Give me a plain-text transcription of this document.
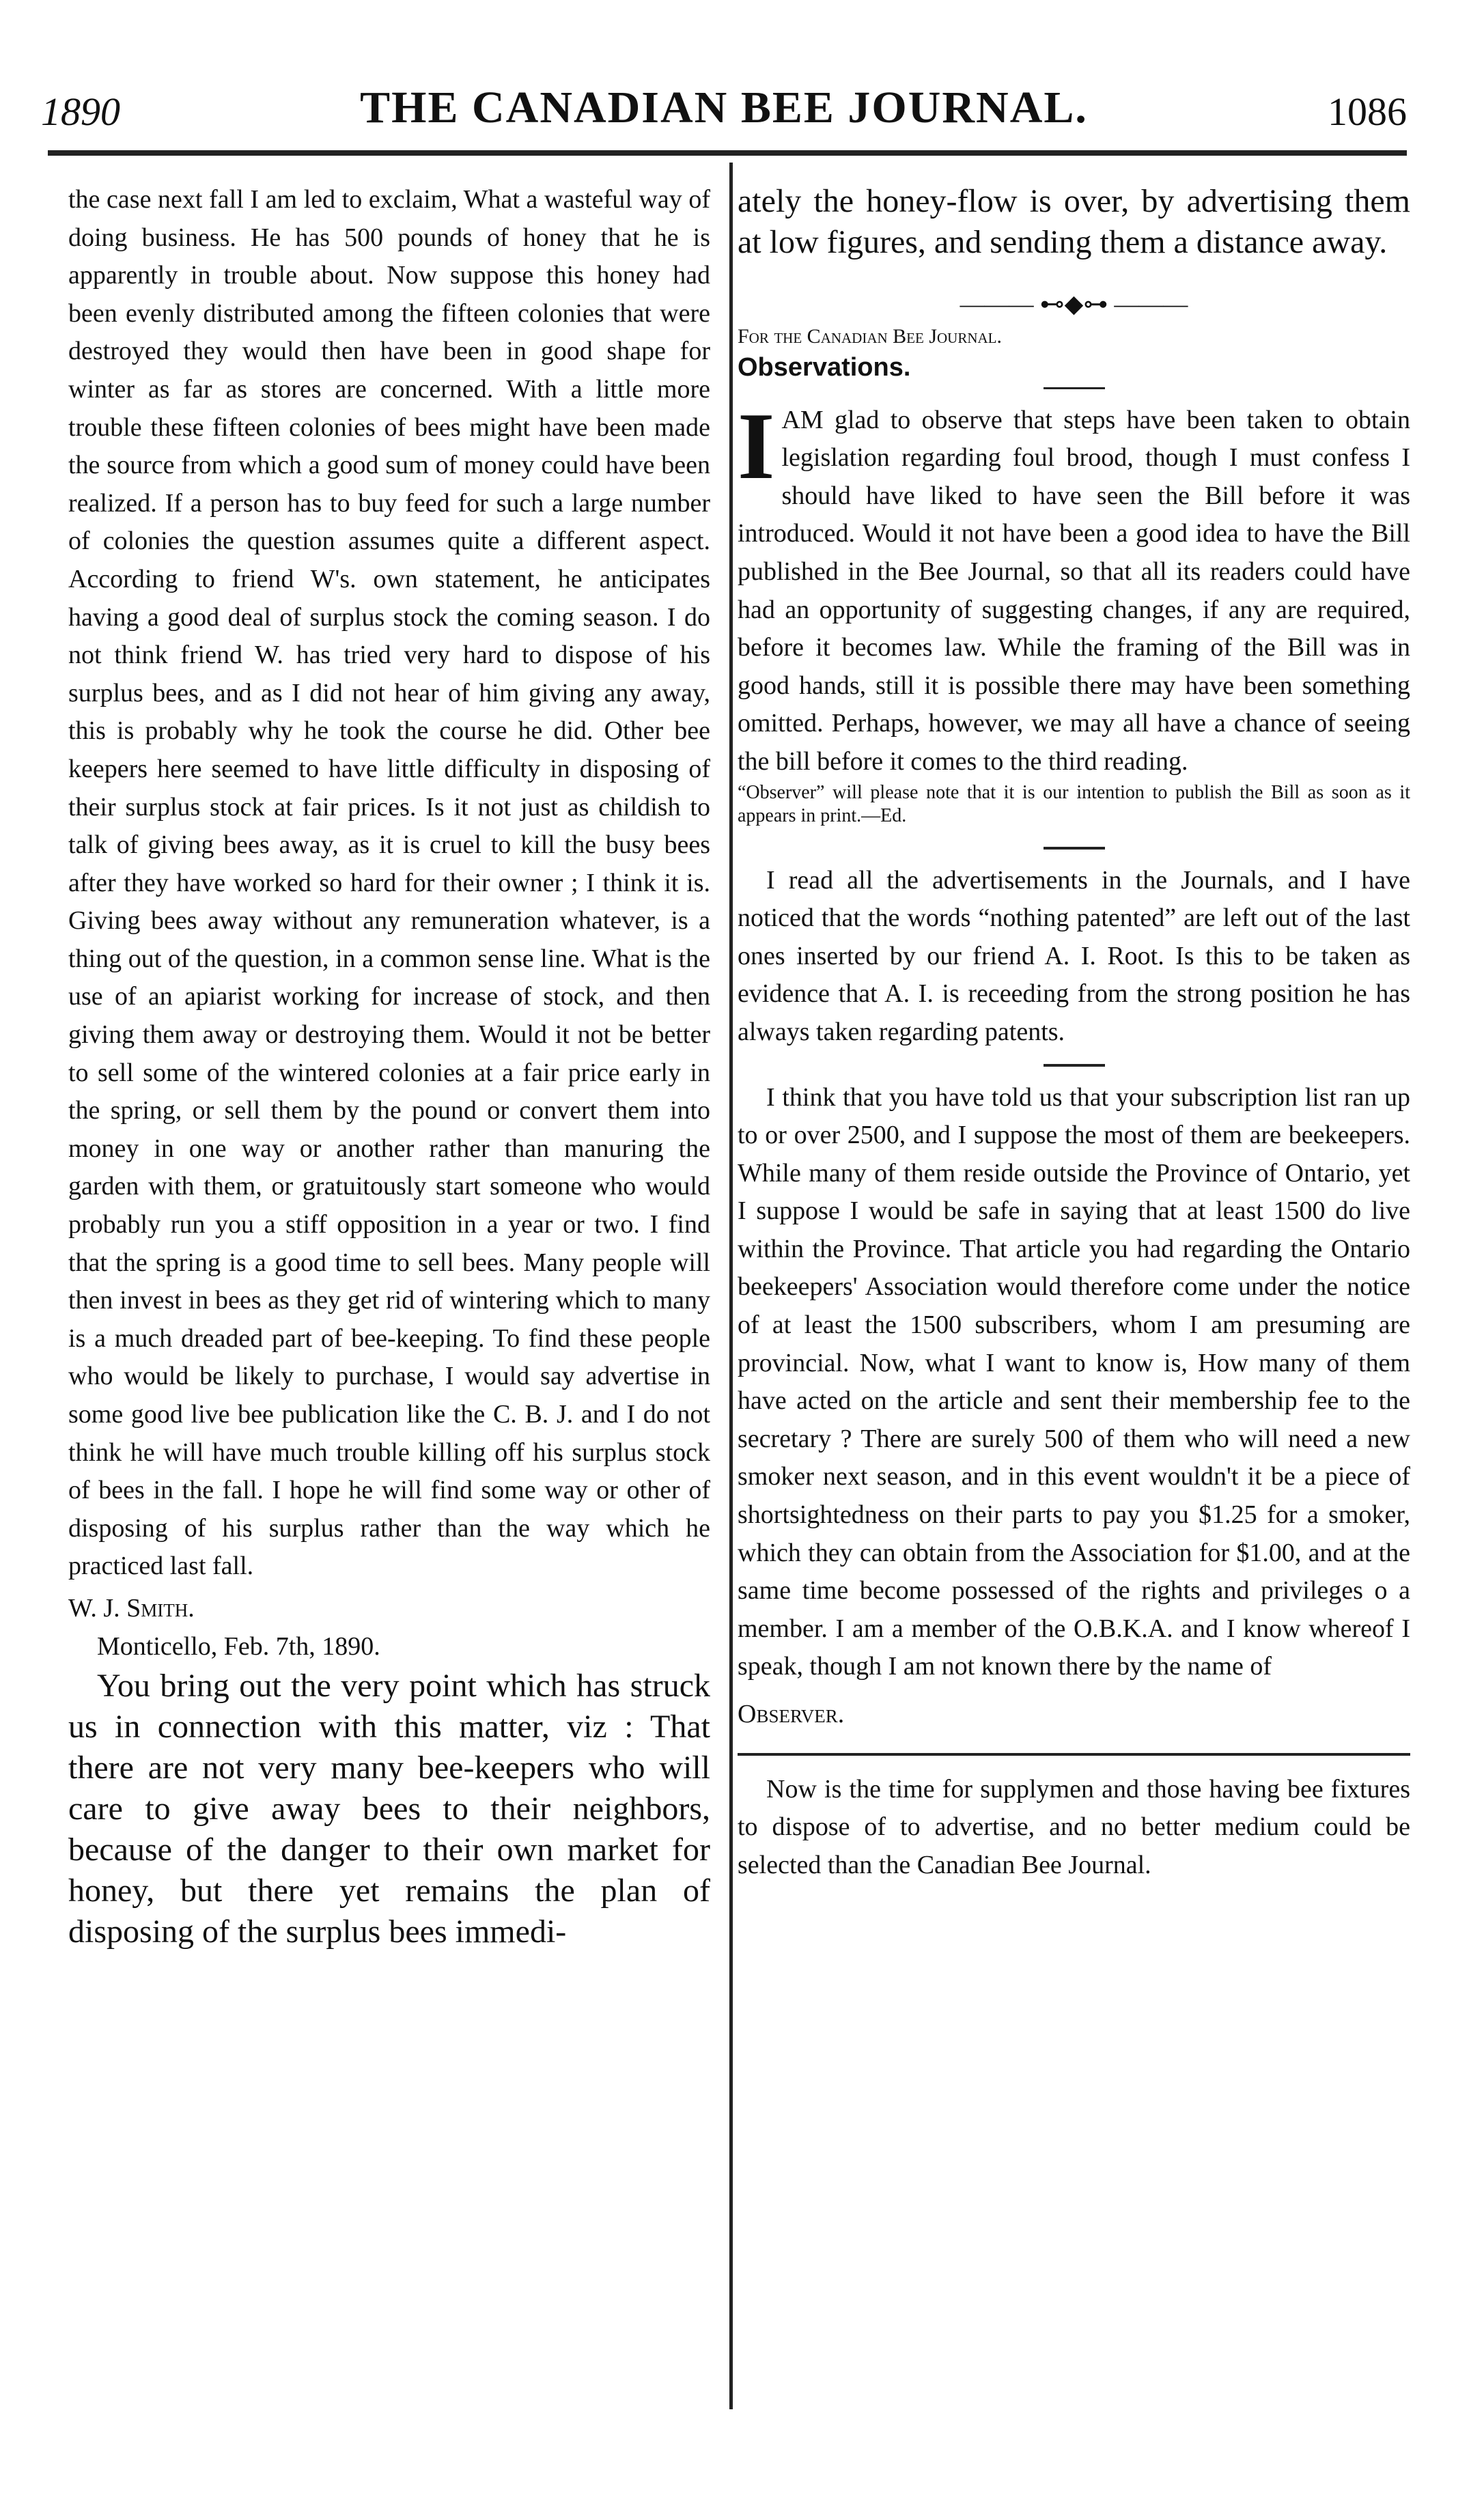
1890	THE CANADIAN BEE JOURNAL.	1086

the case next fall I am led to exclaim, What a wasteful way of doing business. He has 500 pounds of honey that he is apparently in trouble about. Now suppose this honey had been evenly distributed among the fifteen colonies that were destroyed they would then have been in good shape for winter as far as stores are concerned. With a little more trouble these fifteen colonies of bees might have been made the source from which a good sum of money could have been realized. If a person has to buy feed for such a large number of colonies the question assumes quite a different aspect. According to friend W's. own statement, he anticipates having a good deal of surplus stock the coming season. I do not think friend W. has tried very hard to dispose of his surplus bees, and as I did not hear of him giving any away, this is probably why he took the course he did. Other bee keepers here seemed to have little difficulty in disposing of their surplus stock at fair prices. Is it not just as childish to talk of giving bees away, as it is cruel to kill the busy bees after they have worked so hard for their owner ; I think it is. Giving bees away without any remuneration whatever, is a thing out of the question, in a common sense line. What is the use of an apiarist working for increase of stock, and then giving them away or destroying them. Would it not be better to sell some of the wintered colonies at a fair price early in the spring, or sell them by the pound or convert them into money in one way or another rather than manuring the garden with them, or gratuitously start someone who would probably run you a stiff opposition in a year or two. I find that the spring is a good time to sell bees. Many people will then invest in bees as they get rid of wintering which to many is a much dreaded part of bee-keeping. To find these people who would be likely to purchase, I would say advertise in some good live bee publication like the C. B. J. and I do not think he will have much trouble killing off his surplus stock of bees in the fall. I hope he will find some way or other of disposing of his surplus rather than the way which he practiced last fall.

W. J. Smith.

Monticello, Feb. 7th, 1890.

You bring out the very point which has struck us in connection with this matter, viz : That there are not very many bee-keepers who will care to give away bees to their neighbors, because of the danger to their own market for honey, but there yet remains the plan of disposing of the surplus bees immedi-

ately the honey-flow is over, by advertising them at low figures, and sending them a distance away.

——— ⊷◆⊶ ———

For the Canadian Bee Journal.

Observations.

IAM glad to observe that steps have been taken to obtain legislation regarding foul brood, though I must confess I should have liked to have seen the Bill before it was introduced. Would it not have been a good idea to have the Bill published in the Bee Journal, so that all its readers could have had an opportunity of suggesting changes, if any are required, before it becomes law. While the framing of the Bill was in good hands, still it is possible there may have been something omitted. Perhaps, however, we may all have a chance of seeing the bill before it comes to the third reading.

“Observer” will please note that it is our intention to publish the Bill as soon as it appears in print.—Ed.

I read all the advertisements in the Journals, and I have noticed that the words “nothing patented” are left out of the last ones inserted by our friend A. I. Root. Is this to be taken as evidence that A. I. is receeding from the strong position he has always taken regarding patents.

I think that you have told us that your subscription list ran up to or over 2500, and I suppose the most of them are beekeepers. While many of them reside outside the Province of Ontario, yet I suppose I would be safe in saying that at least 1500 do live within the Province. That article you had regarding the Ontario beekeepers' Association would therefore come under the notice of at least the 1500 subscribers, whom I am presuming are provincial. Now, what I want to know is, How many of them have acted on the article and sent their membership fee to the secretary ? There are surely 500 of them who will need a new smoker next season, and in this event wouldn't it be a piece of shortsightedness on their parts to pay you $1.25 for a smoker, which they can obtain from the Association for $1.00, and at the same time become possessed of the rights and privileges o a member. I am a member of the O.B.K.A. and I know whereof I speak, though I am not known there by the name of

Observer.

Now is the time for supplymen and those having bee fixtures to dispose of to advertise, and no better medium could be selected than the Canadian Bee Journal.
